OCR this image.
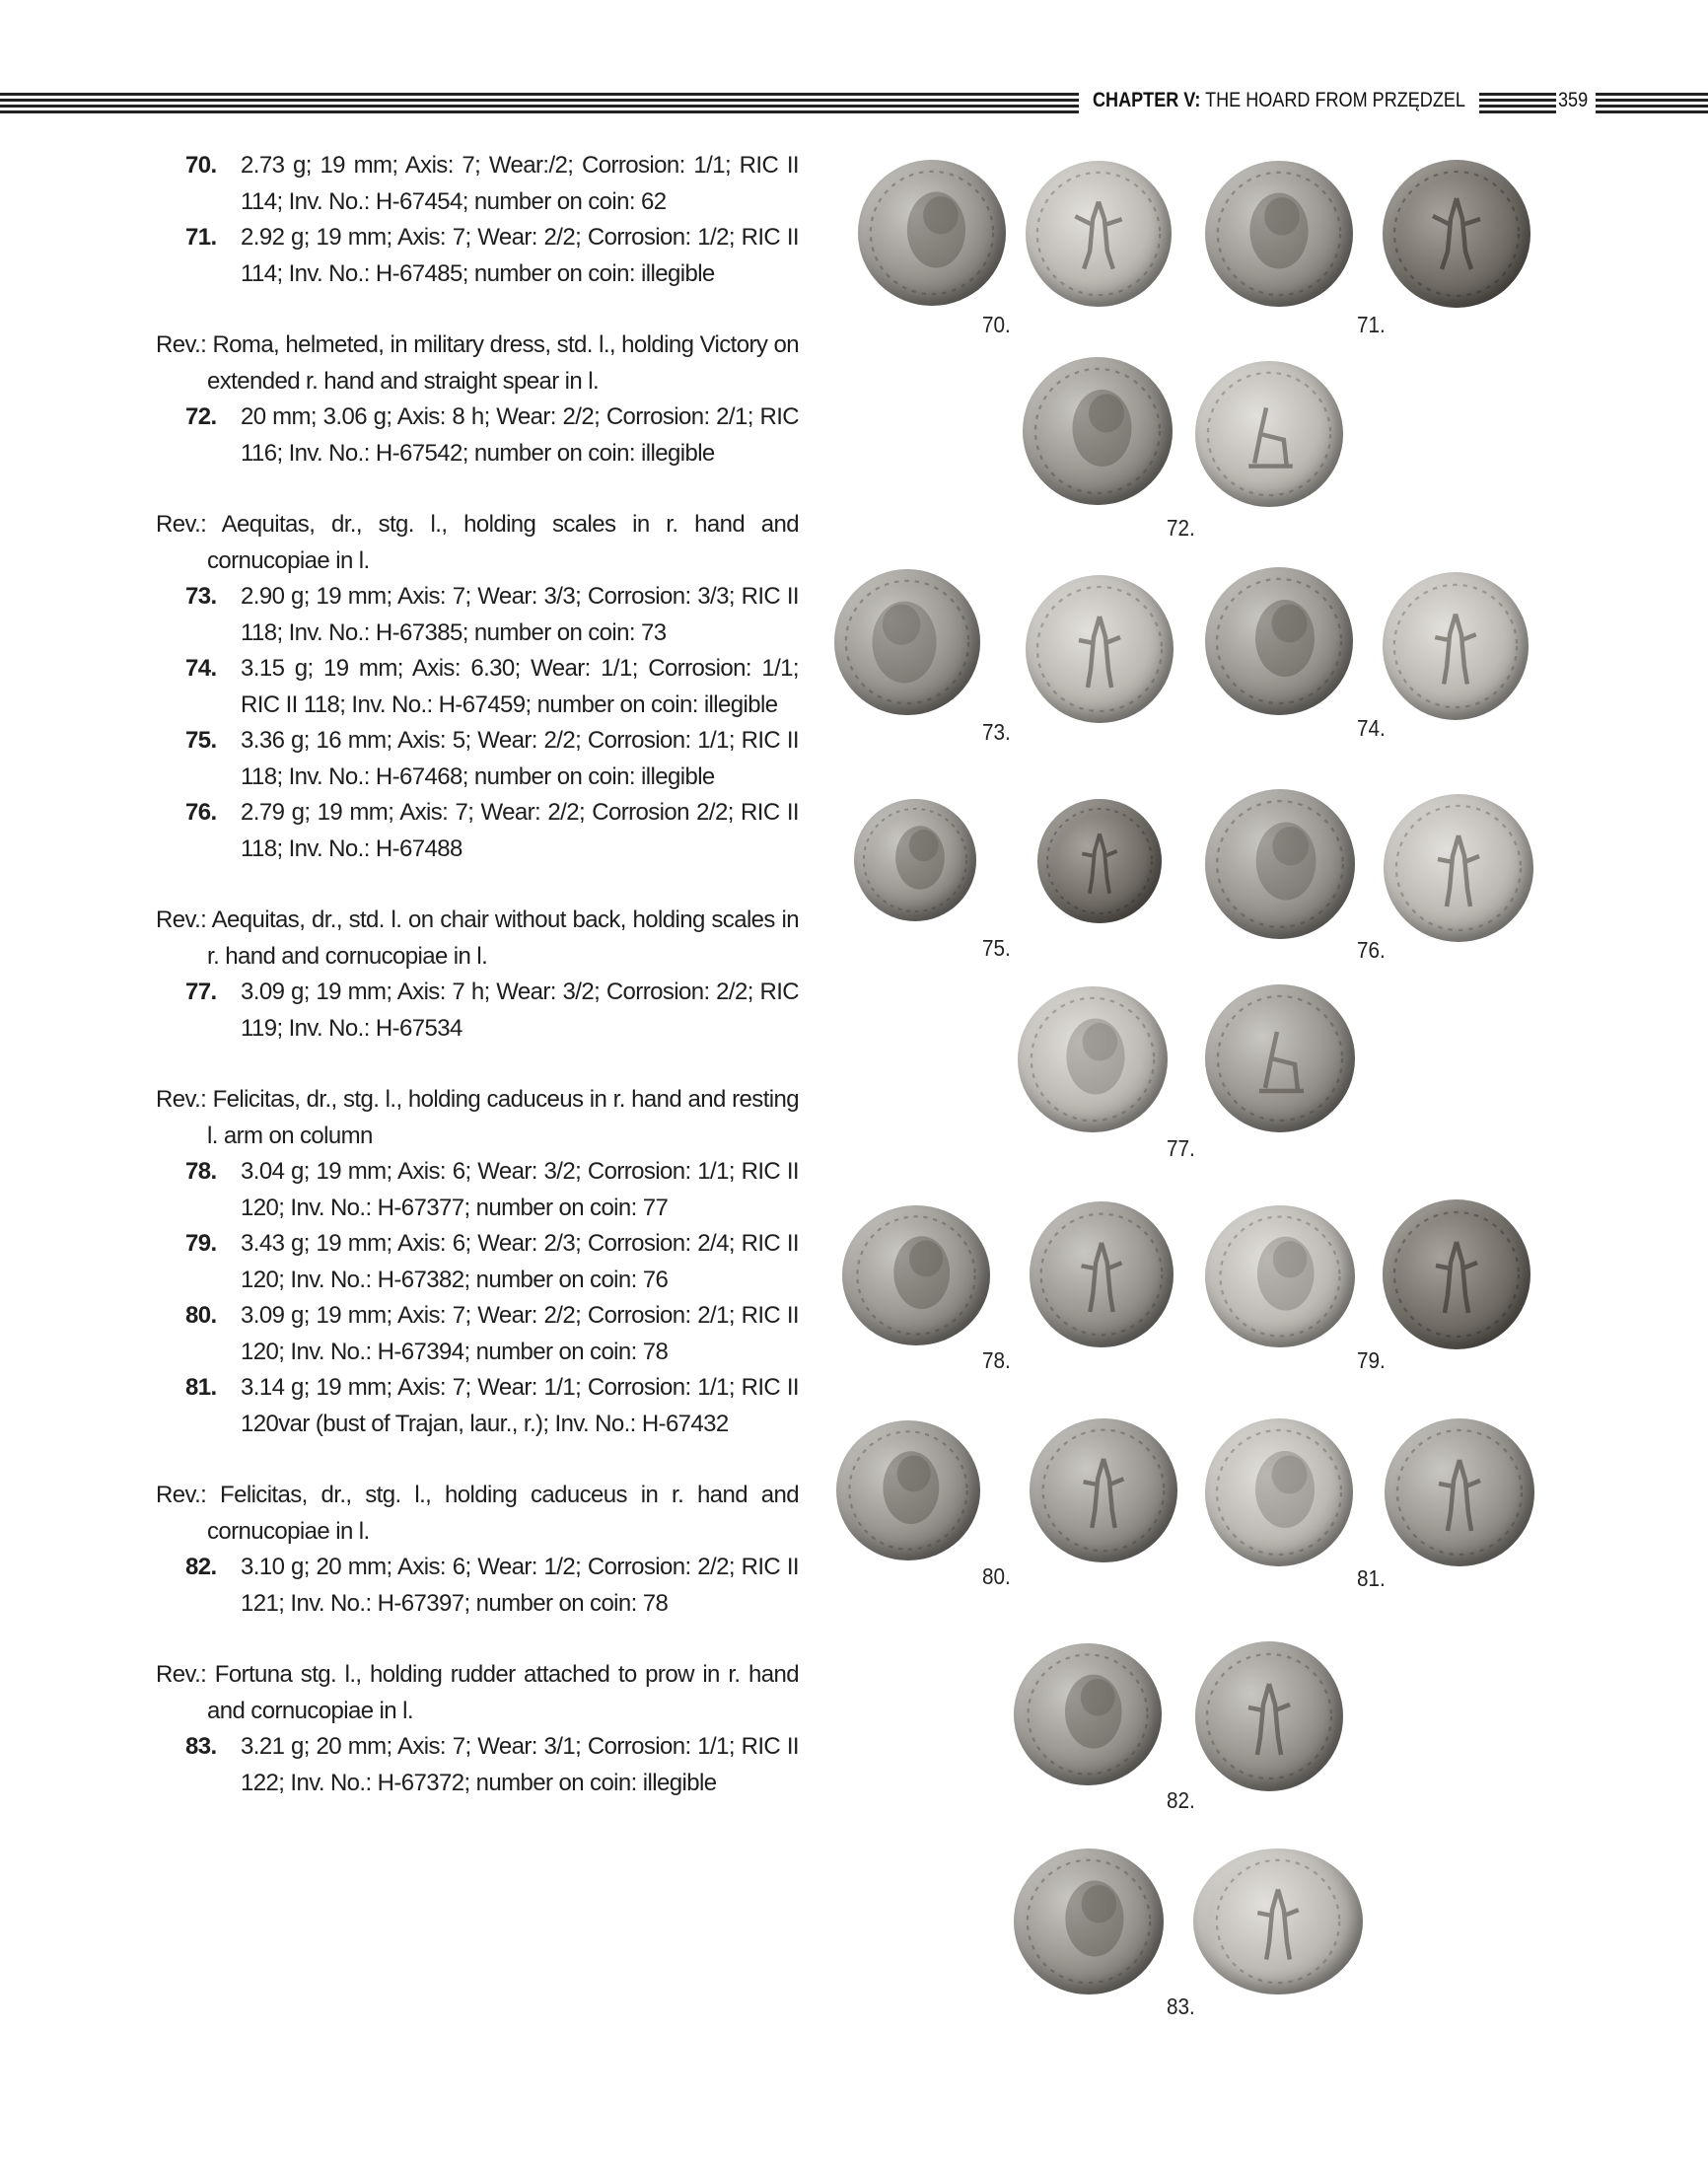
CHAPTER V: THE HOARD FROM PRZĘDZEL	359
70. 2.73 g; 19 mm; Axis: 7; Wear:/2; Corrosion: 1/1; RIC II 114; Inv. No.: H-67454; number on coin: 62
71. 2.92 g; 19 mm; Axis: 7; Wear: 2/2; Corrosion: 1/2; RIC II 114; Inv. No.: H-67485; number on coin: illegible
Rev.: Roma, helmeted, in military dress, std. l., holding Victory on extended r. hand and straight spear in l.
72. 20 mm; 3.06 g; Axis: 8 h; Wear: 2/2; Corrosion: 2/1; RIC 116; Inv. No.: H-67542; number on coin: illegible
Rev.: Aequitas, dr., stg. l., holding scales in r. hand and cornucopiae in l.
73. 2.90 g; 19 mm; Axis: 7; Wear: 3/3; Corrosion: 3/3; RIC II 118; Inv. No.: H-67385; number on coin: 73
74. 3.15 g; 19 mm; Axis: 6.30; Wear: 1/1; Corrosion: 1/1; RIC II 118; Inv. No.: H-67459; number on coin: illegible
75. 3.36 g; 16 mm; Axis: 5; Wear: 2/2; Corrosion: 1/1; RIC II 118; Inv. No.: H-67468; number on coin: illegible
76. 2.79 g; 19 mm; Axis: 7; Wear: 2/2; Corrosion 2/2; RIC II 118; Inv. No.: H-67488
Rev.: Aequitas, dr., std. l. on chair without back, holding scales in r. hand and cornucopiae in l.
77. 3.09 g; 19 mm; Axis: 7 h; Wear: 3/2; Corrosion: 2/2; RIC 119; Inv. No.: H-67534
Rev.: Felicitas, dr., stg. l., holding caduceus in r. hand and resting l. arm on column
78. 3.04 g; 19 mm; Axis: 6; Wear: 3/2; Corrosion: 1/1; RIC II 120; Inv. No.: H-67377; number on coin: 77
79. 3.43 g; 19 mm; Axis: 6; Wear: 2/3; Corrosion: 2/4; RIC II 120; Inv. No.: H-67382; number on coin: 76
80. 3.09 g; 19 mm; Axis: 7; Wear: 2/2; Corrosion: 2/1; RIC II 120; Inv. No.: H-67394; number on coin: 78
81. 3.14 g; 19 mm; Axis: 7; Wear: 1/1; Corrosion: 1/1; RIC II 120var (bust of Trajan, laur., r.); Inv. No.: H-67432
Rev.: Felicitas, dr., stg. l., holding caduceus in r. hand and cornucopiae in l.
82. 3.10 g; 20 mm; Axis: 6; Wear: 1/2; Corrosion: 2/2; RIC II 121; Inv. No.: H-67397; number on coin: 78
Rev.: Fortuna stg. l., holding rudder attached to prow in r. hand and cornucopiae in l.
83. 3.21 g; 20 mm; Axis: 7; Wear: 3/1; Corrosion: 1/1; RIC II 122; Inv. No.: H-67372; number on coin: illegible
70.	71.
72.
73.	74.
75.	76.
77.
78.	79.
80.	81.
82.
83.
